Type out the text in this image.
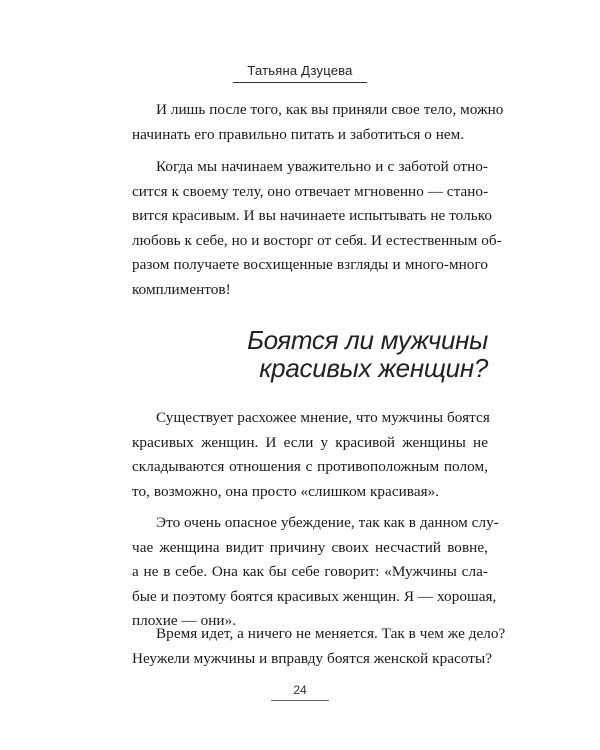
Татьяна Дзуцева

И лишь после того, как вы приняли свое тело, можно
начинать его правильно питать и заботиться о нем.

Когда мы начинаем уважительно и с заботой отно-
сится к своему телу, оно отвечает мгновенно — стано-
вится красивым. И вы начинаете испытывать не только
любовь к себе, но и восторг от себя. И естественным об-
разом получаете восхищенные взгляды и много-много
комплиментов!

Боятся ли мужчины
красивых женщин?

Существует расхожее мнение, что мужчины боятся
красивых женщин. И если у красивой женщины не
складываются отношения с противоположным полом,
то, возможно, она просто «слишком красивая».

Это очень опасное убеждение, так как в данном слу-
чае женщина видит причину своих несчастий вовне,
а не в себе. Она как бы себе говорит: «Мужчины сла-
бые и поэтому боятся красивых женщин. Я — хорошая,
плохие — они».

Время идет, а ничего не меняется. Так в чем же дело?
Неужели мужчины и вправду боятся женской красоты?

24
